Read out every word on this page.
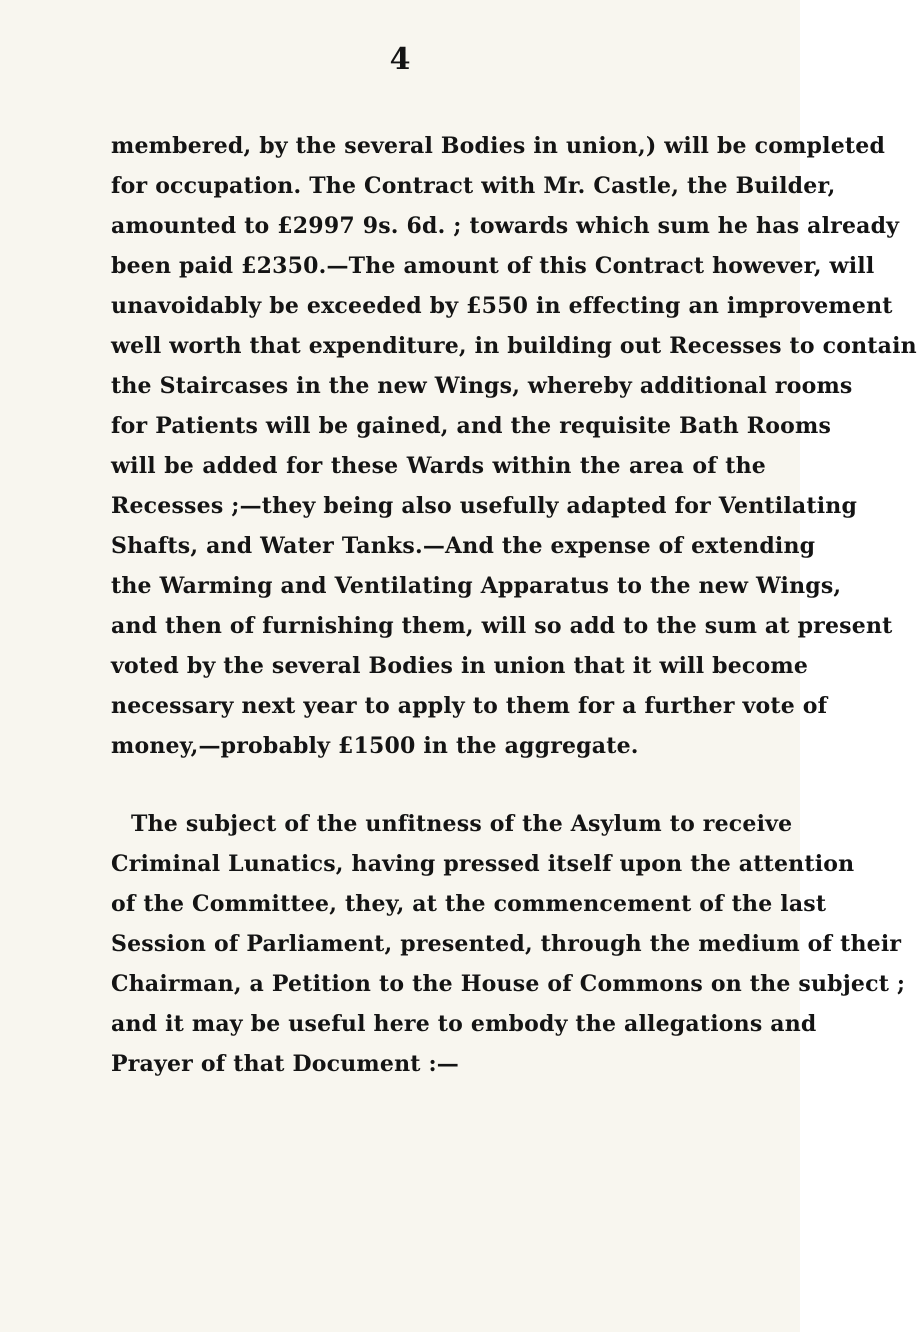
4
membered, by the several Bodies in union,) will be completed
for occupation. The Contract with Mr. Castle, the Builder,
amounted to £2997 9s. 6d. ; towards which sum he has already
been paid £2350.—The amount of this Contract however, will
unavoidably be exceeded by £550 in effecting an improvement
well worth that expenditure, in building out Recesses to contain
the Staircases in the new Wings, whereby additional rooms
for Patients will be gained, and the requisite Bath Rooms
will be added for these Wards within the area of the
Recesses ;—they being also usefully adapted for Ventilating
Shafts, and Water Tanks.—And the expense of extending
the Warming and Ventilating Apparatus to the new Wings,
and then of furnishing them, will so add to the sum at present
voted by the several Bodies in union that it will become
necessary next year to apply to them for a further vote of
money,—probably £1500 in the aggregate.
The subject of the unfitness of the Asylum to receive
Criminal Lunatics, having pressed itself upon the attention
of the Committee, they, at the commencement of the last
Session of Parliament, presented, through the medium of their
Chairman, a Petition to the House of Commons on the subject ;
and it may be useful here to embody the allegations and
Prayer of that Document :—
